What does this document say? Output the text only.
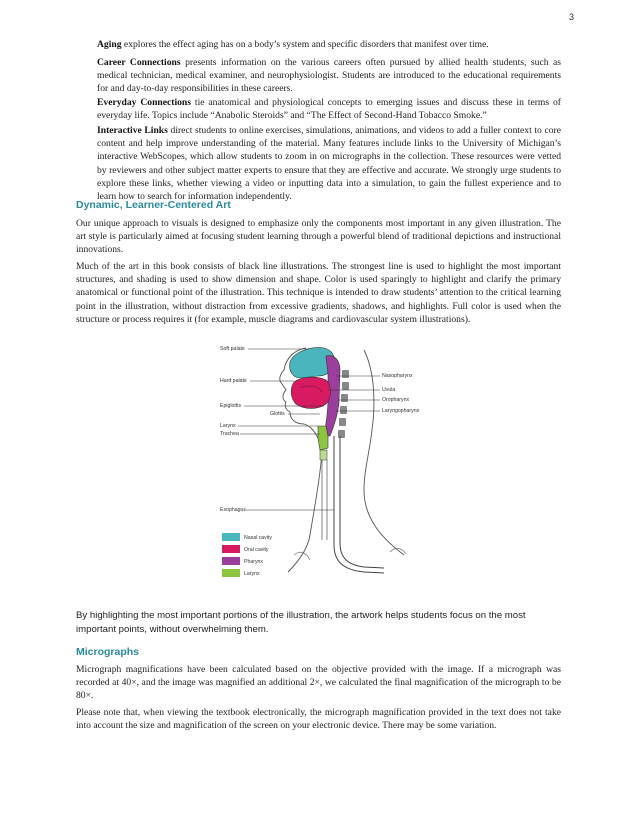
3

Aging explores the effect aging has on a body’s system and specific disorders that manifest over time.

Career Connections presents information on the various careers often pursued by allied health students, such as medical technician, medical examiner, and neurophysiologist. Students are introduced to the educational requirements for and day-to-day responsibilities in these careers.

Everyday Connections tie anatomical and physiological concepts to emerging issues and discuss these in terms of everyday life. Topics include “Anabolic Steroids” and “The Effect of Second-Hand Tobacco Smoke.”

Interactive Links direct students to online exercises, simulations, animations, and videos to add a fuller context to core content and help improve understanding of the material. Many features include links to the University of Michigan’s interactive WebScopes, which allow students to zoom in on micrographs in the collection. These resources were vetted by reviewers and other subject matter experts to ensure that they are effective and accurate. We strongly urge students to explore these links, whether viewing a video or inputting data into a simulation, to gain the fullest experience and to learn how to search for information independently.

Dynamic, Learner-Centered Art

Our unique approach to visuals is designed to emphasize only the components most important in any given illustration. The art style is particularly aimed at focusing student learning through a powerful blend of traditional depictions and instructional innovations.

Much of the art in this book consists of black line illustrations. The strongest line is used to highlight the most important structures, and shading is used to show dimension and shape. Color is used sparingly to highlight and clarify the primary anatomical or functional point of the illustration. This technique is intended to draw students’ attention to the critical learning point in the illustration, without distraction from excessive gradients, shadows, and highlights. Full color is used when the structure or process requires it (for example, muscle diagrams and cardiovascular system illustrations).

Soft palate
Hard palate
Epiglottis
Glottis
Larynx
Trachea
Esophagus
Nasopharynx
Uvula
Oropharynx
Laryngopharynx
Nasal cavity
Oral cavity
Pharynx
Larynx

By highlighting the most important portions of the illustration, the artwork helps students focus on the most important points, without overwhelming them.

Micrographs

Micrograph magnifications have been calculated based on the objective provided with the image. If a micrograph was recorded at 40×, and the image was magnified an additional 2×, we calculated the final magnification of the micrograph to be 80×.

Please note that, when viewing the textbook electronically, the micrograph magnification provided in the text does not take into account the size and magnification of the screen on your electronic device. There may be some variation.
